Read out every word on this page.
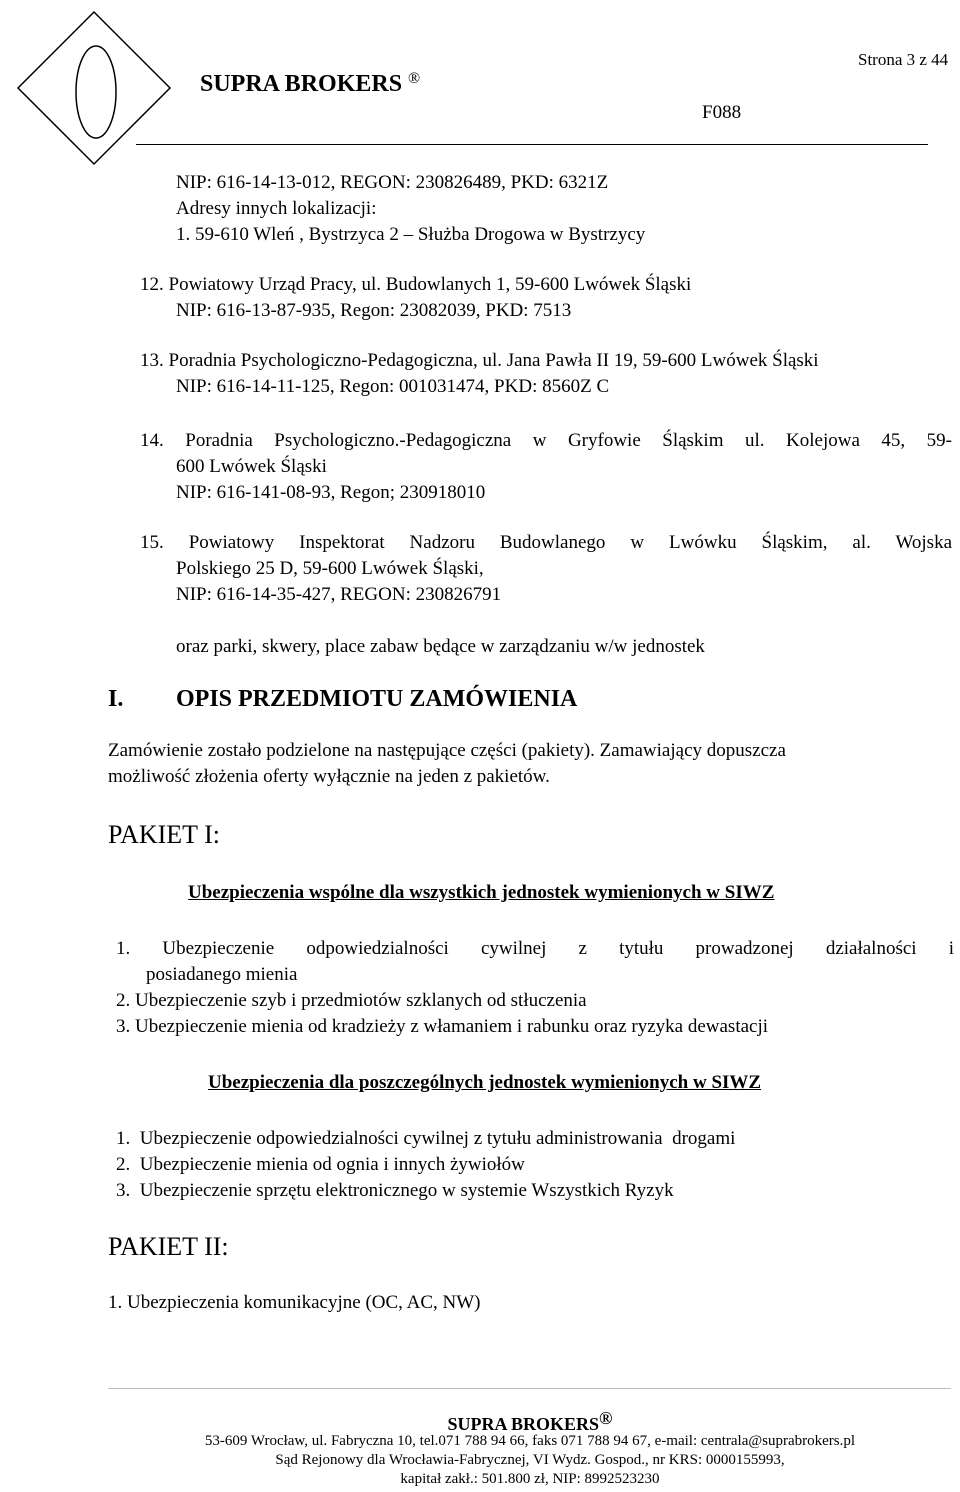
SUPRA BROKERS ®
Strona 3 z 44
F088
NIP: 616-14-13-012, REGON: 230826489, PKD: 6321Z
Adresy innych lokalizacji:
1. 59-610 Wleń , Bystrzyca 2 – Służba Drogowa w Bystrzycy
12. Powiatowy Urząd Pracy, ul. Budowlanych 1, 59-600 Lwówek Śląski
NIP: 616-13-87-935, Regon: 23082039, PKD: 7513
13. Poradnia Psychologiczno-Pedagogiczna, ul. Jana Pawła II 19, 59-600 Lwówek Śląski
NIP: 616-14-11-125, Regon: 001031474, PKD: 8560Z C
14. Poradnia Psychologiczno.-Pedagogiczna w Gryfowie Śląskim ul. Kolejowa 45, 59-
600 Lwówek Śląski
NIP: 616-141-08-93, Regon; 230918010
15. Powiatowy Inspektorat Nadzoru Budowlanego w Lwówku Śląskim, al. Wojska
Polskiego 25 D, 59-600 Lwówek Śląski,
NIP: 616-14-35-427, REGON: 230826791
oraz parki, skwery, place zabaw będące w zarządzaniu w/w jednostek
I. OPIS PRZEDMIOTU ZAMÓWIENIA
Zamówienie zostało podzielone na następujące części (pakiety). Zamawiający dopuszcza
możliwość złożenia oferty wyłącznie na jeden z pakietów.
PAKIET I:
Ubezpieczenia wspólne dla wszystkich jednostek wymienionych w SIWZ
1. Ubezpieczenie odpowiedzialności cywilnej z tytułu prowadzonej działalności i
posiadanego mienia
2. Ubezpieczenie szyb i przedmiotów szklanych od stłuczenia
3. Ubezpieczenie mienia od kradzieży z włamaniem i rabunku oraz ryzyka dewastacji
Ubezpieczenia dla poszczególnych jednostek wymienionych w SIWZ
1.  Ubezpieczenie odpowiedzialności cywilnej z tytułu administrowania  drogami
2.  Ubezpieczenie mienia od ognia i innych żywiołów
3.  Ubezpieczenie sprzętu elektronicznego w systemie Wszystkich Ryzyk
PAKIET II:
1. Ubezpieczenia komunikacyjne (OC, AC, NW)
SUPRA BROKERS®
53-609 Wrocław, ul. Fabryczna 10, tel.071 788 94 66, faks 071 788 94 67, e-mail: centrala@suprabrokers.pl
Sąd Rejonowy dla Wrocławia-Fabrycznej, VI Wydz. Gospod., nr KRS: 0000155993,
kapitał zakł.: 501.800 zł, NIP: 8992523230
